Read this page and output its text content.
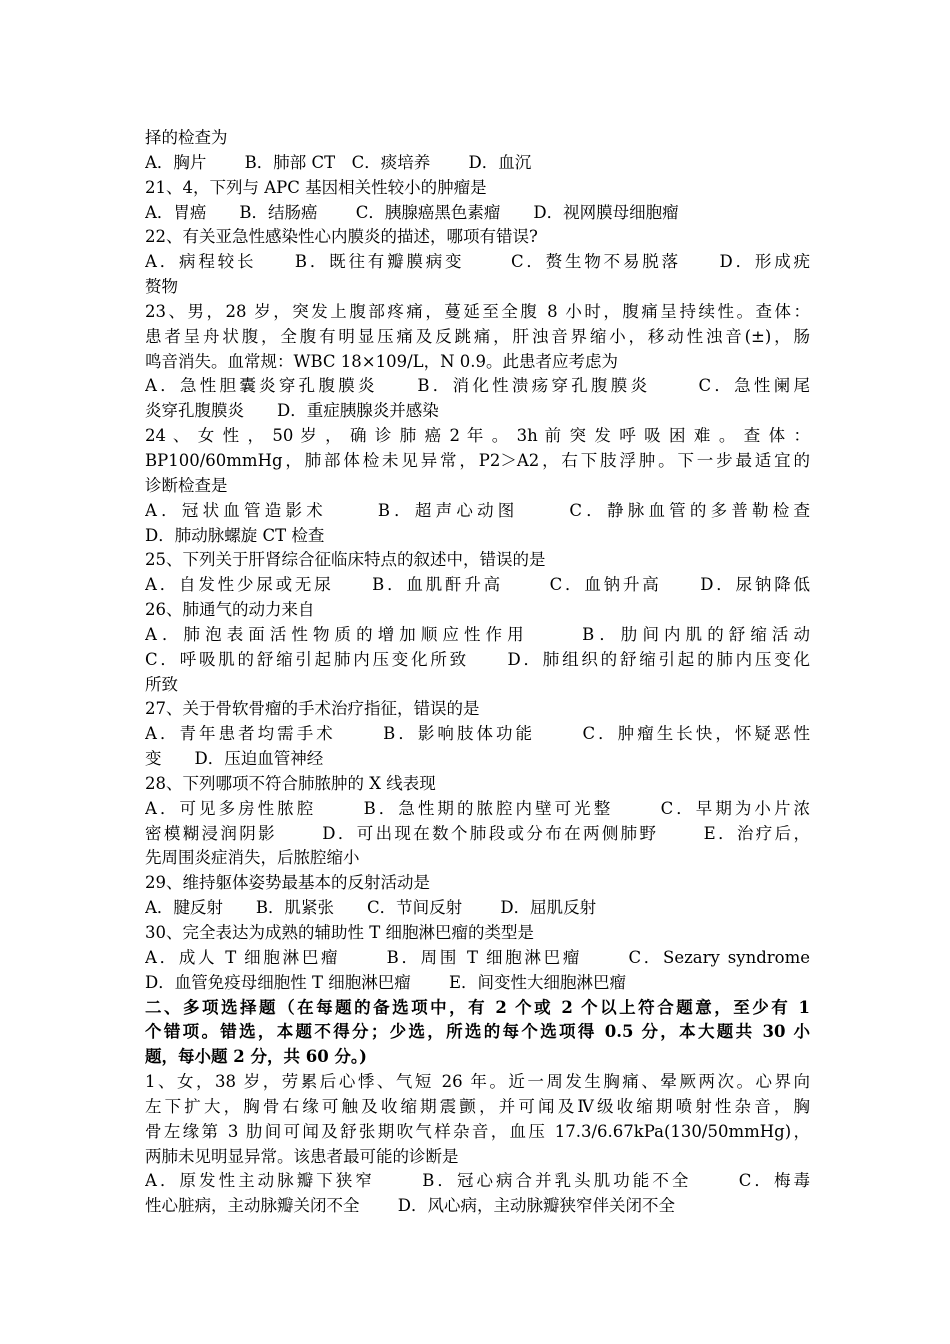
择的检查为
A．胸片　　 B．肺部 CT　C．痰培养　　 D．血沉
21、4，下列与 APC 基因相关性较小的肿瘤是
A．胃癌　　B．结肠癌　　 C．胰腺癌黑色素瘤　　D．视网膜母细胞瘤
22、有关亚急性感染性心内膜炎的描述，哪项有错误?
A．病程较长　　B．既往有瓣膜病变　　 C．赘生物不易脱落　　D．形成疣
赘物
23、男，28 岁，突发上腹部疼痛，蔓延至全腹 8 小时，腹痛呈持续性。查体：
患者呈舟状腹，全腹有明显压痛及反跳痛，肝浊音界缩小，移动性浊音(±)，肠
鸣音消失。血常规：WBC 18×109/L，N 0.9。此患者应考虑为
A．急性胆囊炎穿孔腹膜炎　　B．消化性溃疡穿孔腹膜炎　　 C．急性阑尾
炎穿孔腹膜炎　　D．重症胰腺炎并感染
24 、 女 性 ， 50 岁 ， 确 诊 肺 癌 2 年 。 3h 前 突 发 呼 吸 困 难 。 查 体 ：
BP100/60mmHg，肺部体检未见异常，P2＞A2，右下肢浮肿。下一步最适宜的
诊断检查是
A．冠状血管造影术　　 B．超声心动图　　 C．静脉血管的多普勒检查
D．肺动脉螺旋 CT 检查
25、下列关于肝肾综合征临床特点的叙述中，错误的是
A．自发性少尿或无尿　　B．血肌酐升高　　 C．血钠升高　　D．尿钠降低
26、肺通气的动力来自
A．肺泡表面活性物质的增加顺应性作用　　 B．肋间内肌的舒缩活动
C．呼吸肌的舒缩引起肺内压变化所致　　D．肺组织的舒缩引起的肺内压变化
所致
27、关于骨软骨瘤的手术治疗指征，错误的是
A．青年患者均需手术　　 B．影响肢体功能　　 C．肿瘤生长快，怀疑恶性
变　　D．压迫血管神经
28、下列哪项不符合肺脓肿的 X 线表现
A．可见多房性脓腔　　 B．急性期的脓腔内壁可光整　　 C．早期为小片浓
密模糊浸润阴影　　 D．可出现在数个肺段或分布在两侧肺野　　 E．治疗后，
先周围炎症消失，后脓腔缩小
29、维持躯体姿势最基本的反射活动是
A．腱反射　　B．肌紧张　　C．节间反射　　 D．屈肌反射
30、完全表达为成熟的辅助性 T 细胞淋巴瘤的类型是
A．成人 T 细胞淋巴瘤　　 B．周围 T 细胞淋巴瘤　　 C．Sezary syndrome
D．血管免疫母细胞性 T 细胞淋巴瘤　　 E．间变性大细胞淋巴瘤
二、多项选择题（在每题的备选项中，有 2 个或 2 个以上符合题意，至少有 1
个错项。错选，本题不得分；少选，所选的每个选项得 0.5 分，本大题共 30 小
题，每小题 2 分，共 60 分。)
1、女，38 岁，劳累后心悸、气短 26 年。近一周发生胸痛、晕厥两次。心界向
左下扩大，胸骨右缘可触及收缩期震颤，并可闻及Ⅳ级收缩期喷射性杂音，胸
骨左缘第 3 肋间可闻及舒张期吹气样杂音，血压 17.3/6.67kPa(130/50mmHg)，
两肺未见明显异常。该患者最可能的诊断是
A．原发性主动脉瓣下狭窄　　 B．冠心病合并乳头肌功能不全　　 C．梅毒
性心脏病，主动脉瓣关闭不全　　 D．风心病，主动脉瓣狭窄伴关闭不全
